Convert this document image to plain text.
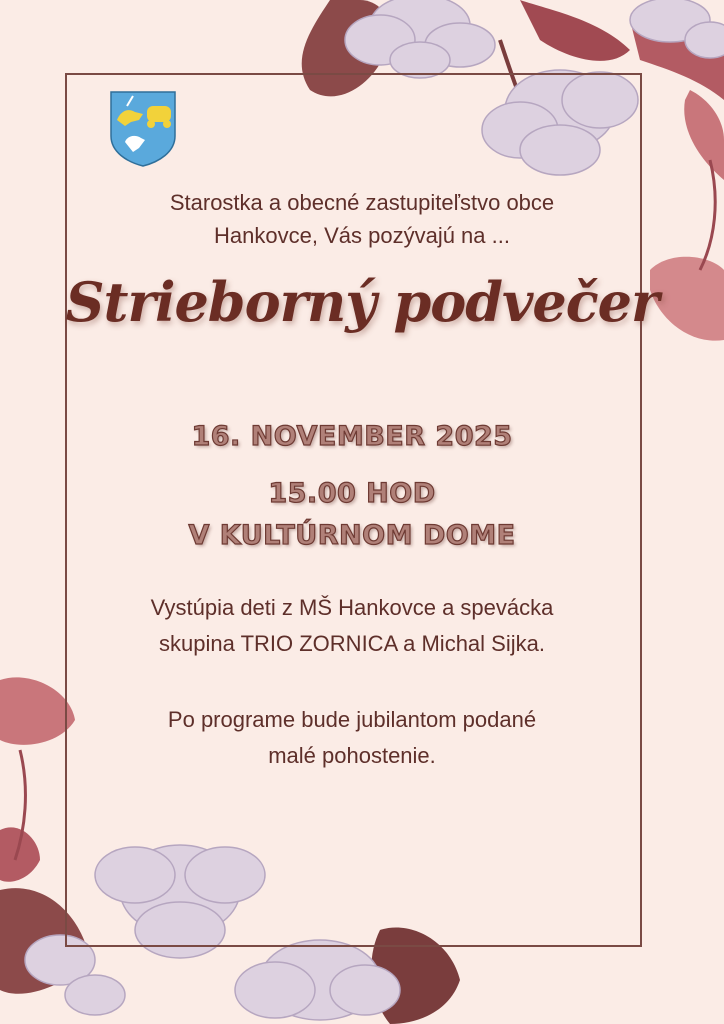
Starostka a obecné zastupiteľstvo obce
Hankovce, Vás pozývajú na ...
Strieborný podvečer
16. NOVEMBER 2025
15.00 HOD
V KULTÚRNOM DOME
Vystúpia deti z MŠ Hankovce a spevácka
skupina TRIO ZORNICA a Michal Sijka.
Po programe bude jubilantom podané
malé pohostenie.
